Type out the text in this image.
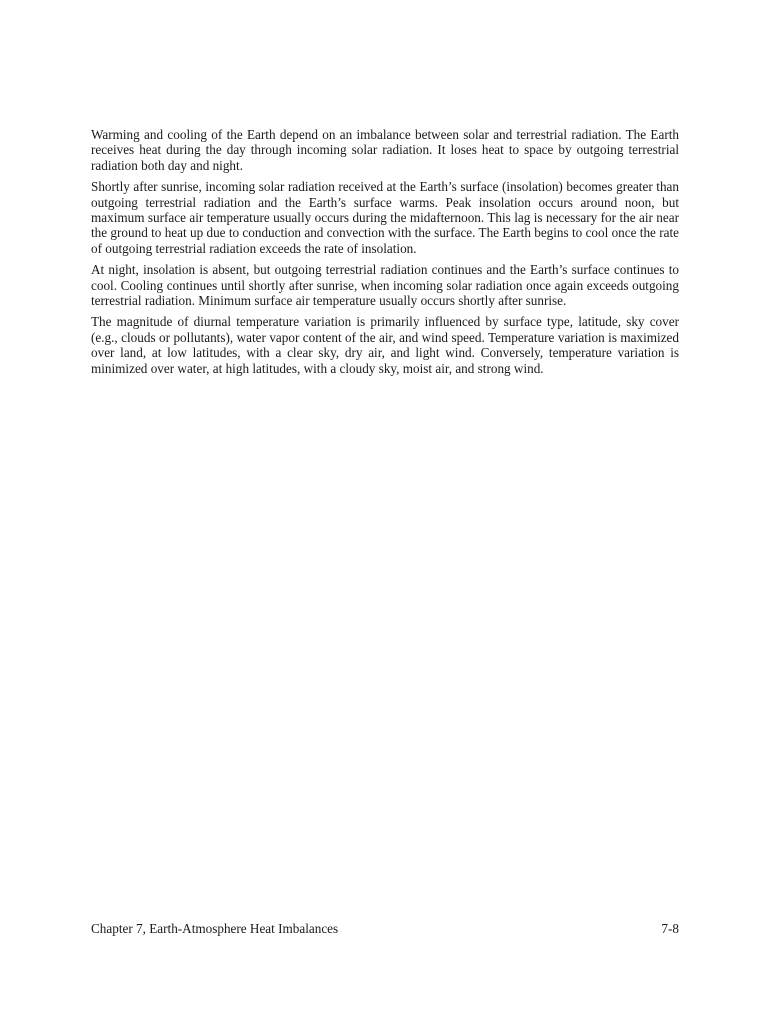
Warming and cooling of the Earth depend on an imbalance between solar and terrestrial radiation. The Earth receives heat during the day through incoming solar radiation. It loses heat to space by outgoing terrestrial radiation both day and night.

Shortly after sunrise, incoming solar radiation received at the Earth’s surface (insolation) becomes greater than outgoing terrestrial radiation and the Earth’s surface warms. Peak insolation occurs around noon, but maximum surface air temperature usually occurs during the midafternoon. This lag is necessary for the air near the ground to heat up due to conduction and convection with the surface. The Earth begins to cool once the rate of outgoing terrestrial radiation exceeds the rate of insolation.

At night, insolation is absent, but outgoing terrestrial radiation continues and the Earth’s surface continues to cool. Cooling continues until shortly after sunrise, when incoming solar radiation once again exceeds outgoing terrestrial radiation. Minimum surface air temperature usually occurs shortly after sunrise.

The magnitude of diurnal temperature variation is primarily influenced by surface type, latitude, sky cover (e.g., clouds or pollutants), water vapor content of the air, and wind speed. Temperature variation is maximized over land, at low latitudes, with a clear sky, dry air, and light wind. Conversely, temperature variation is minimized over water, at high latitudes, with a cloudy sky, moist air, and strong wind.

Chapter 7, Earth-Atmosphere Heat Imbalances	7-8
